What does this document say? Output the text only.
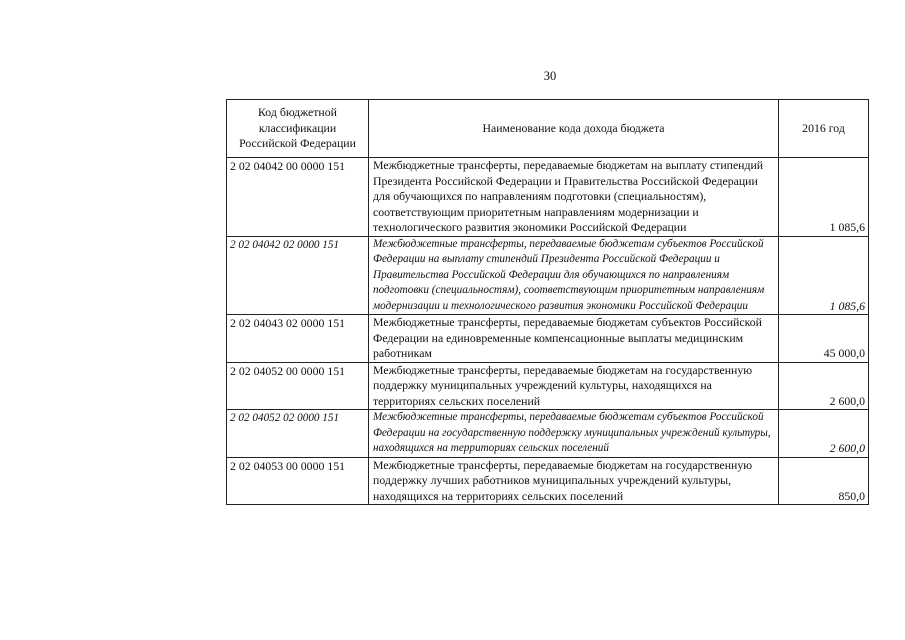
30
Код бюджетной классификации Российской Федерации	Наименование кода дохода бюджета	2016 год
2 02 04042 00 0000 151	Межбюджетные трансферты, передаваемые бюджетам на выплату стипендий Президента Российской Федерации и Правительства Российской Федерации для обучающихся по направлениям подготовки (специальностям), соответствующим приоритетным направлениям модернизации и технологического развития экономики Российской Федерации	1 085,6
2 02 04042 02 0000 151	Межбюджетные трансферты, передаваемые бюджетам субъектов Российской Федерации на выплату стипендий Президента Российской Федерации и Правительства Российской Федерации для обучающихся по направлениям подготовки (специальностям), соответствующим приоритетным направлениям модернизации и технологического развития экономики Российской Федерации	1 085,6
2 02 04043 02 0000 151	Межбюджетные трансферты, передаваемые бюджетам субъектов Российской Федерации на единовременные компенсационные выплаты медицинским работникам	45 000,0
2 02 04052 00 0000 151	Межбюджетные трансферты, передаваемые бюджетам на государственную поддержку муниципальных учреждений культуры, находящихся на территориях сельских поселений	2 600,0
2 02 04052 02 0000 151	Межбюджетные трансферты, передаваемые бюджетам субъектов Российской Федерации на государственную поддержку муниципальных учреждений культуры, находящихся на территориях сельских поселений	2 600,0
2 02 04053 00 0000 151	Межбюджетные трансферты, передаваемые бюджетам на государственную поддержку лучших работников муниципальных учреждений культуры, находящихся на территориях сельских поселений	850,0
